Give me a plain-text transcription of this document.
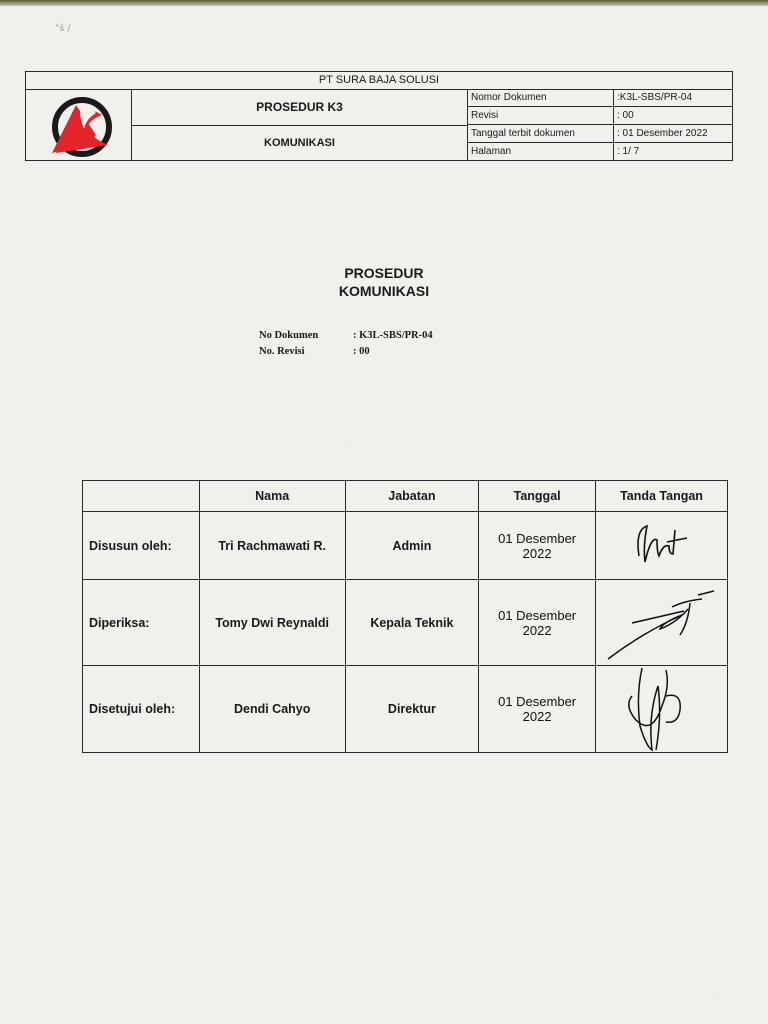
”š /
·
·
PT SURA BAJA SOLUSI
PROSEDUR K3
KOMUNIKASI
Nomor Dokumen	:K3L-SBS/PR-04
Revisi	: 00
Tanggal terbit dokumen	: 01 Desember 2022
Halaman	: 1/ 7
PROSEDUR
KOMUNIKASI
No Dokumen	: K3L-SBS/PR-04
No. Revisi	: 00
	Nama	Jabatan	Tanggal	Tanda Tangan
Disusun oleh:	Tri Rachmawati R.	Admin	01 Desember
2022

Diperiksa:	Tomy Dwi Reynaldi	Kepala Teknik	01 Desember
2022

Disetujui oleh:	Dendi Cahyo	Direktur	01 Desember
2022
